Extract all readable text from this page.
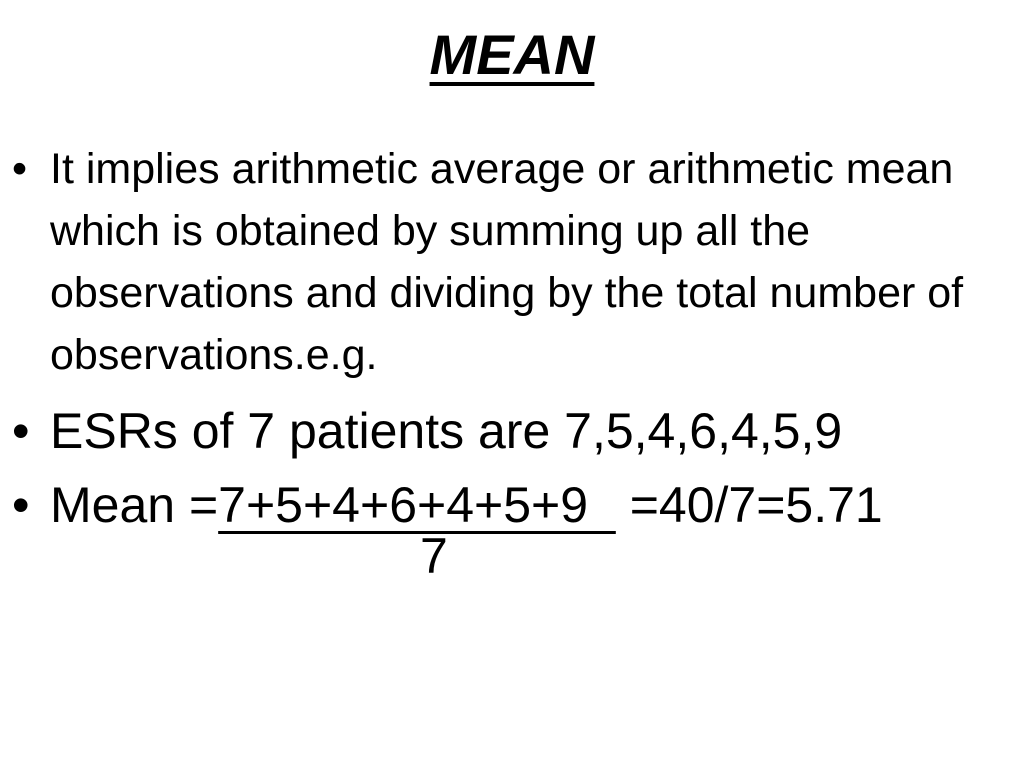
MEAN
• It implies arithmetic average or arithmetic mean which is obtained by summing up all the observations and dividing by the total number of observations.e.g.
• ESRs of 7 patients are 7,5,4,6,4,5,9
• Mean =7+5+4+6+4+5+9   =40/7=5.71
7
